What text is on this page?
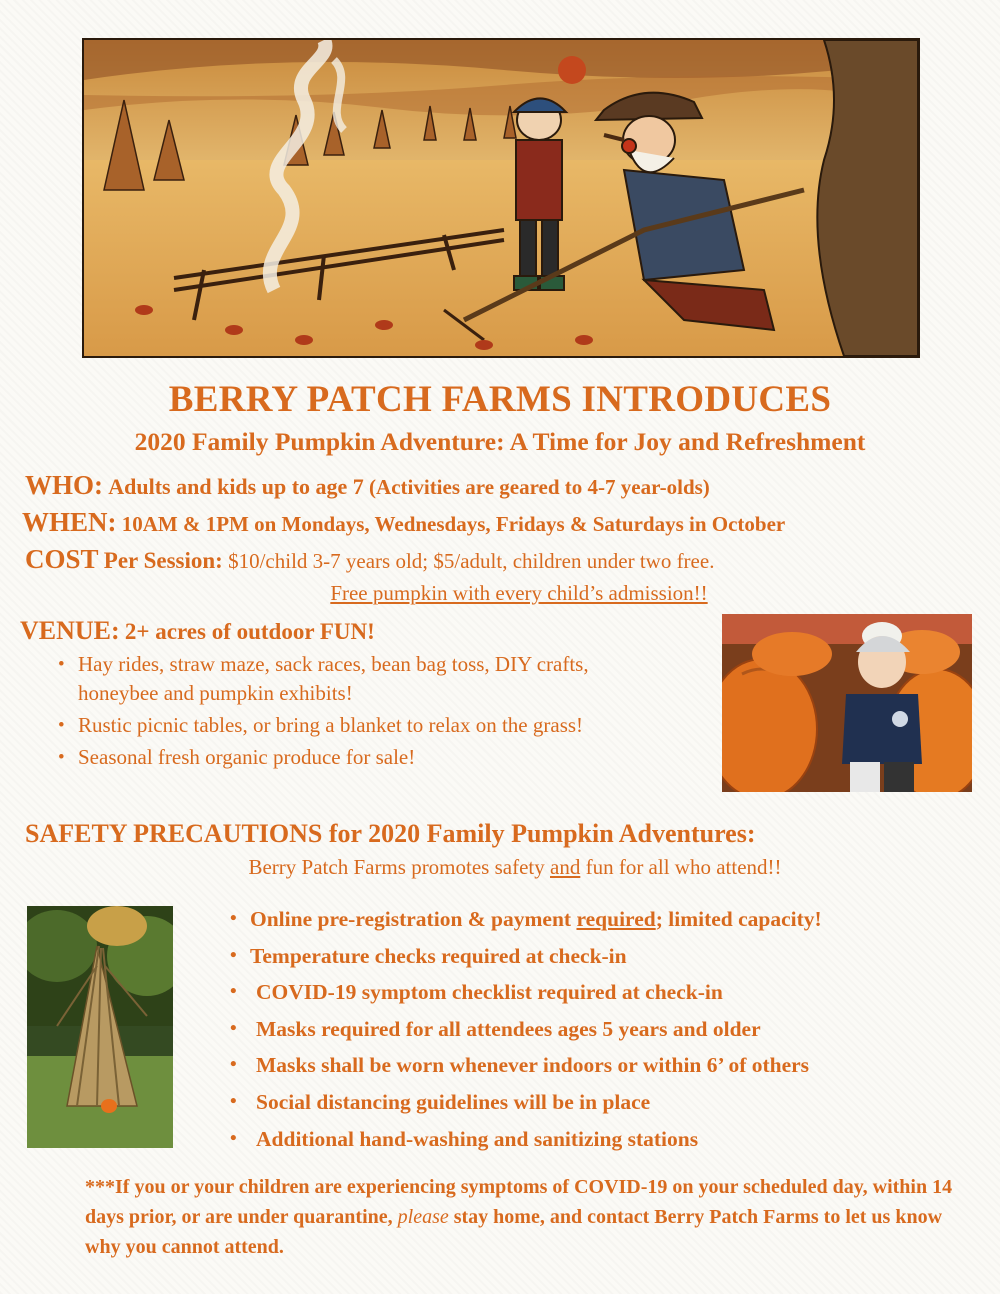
BERRY PATCH FARMS INTRODUCES
2020 Family Pumpkin Adventure: A Time for Joy and Refreshment
WHO: Adults and kids up to age 7 (Activities are geared to 4-7 year-olds)
WHEN: 10AM & 1PM on Mondays, Wednesdays, Fridays & Saturdays in October
COST Per Session: $10/child 3-7 years old; $5/adult, children under two free.
Free pumpkin with every child’s admission!!
VENUE: 2+ acres of outdoor FUN!
• Hay rides, straw maze, sack races, bean bag toss, DIY crafts, honeybee and pumpkin exhibits!
• Rustic picnic tables, or bring a blanket to relax on the grass!
• Seasonal fresh organic produce for sale!
SAFETY PRECAUTIONS for 2020 Family Pumpkin Adventures:
Berry Patch Farms promotes safety and fun for all who attend!!
• Online pre-registration & payment required; limited capacity!
• Temperature checks required at check-in
• COVID-19 symptom checklist required at check-in
• Masks required for all attendees ages 5 years and older
• Masks shall be worn whenever indoors or within 6’ of others
• Social distancing guidelines will be in place
• Additional hand-washing and sanitizing stations
***If you or your children are experiencing symptoms of COVID-19 on your scheduled day, within 14 days prior, or are under quarantine, please stay home, and contact Berry Patch Farms to let us know why you cannot attend.
